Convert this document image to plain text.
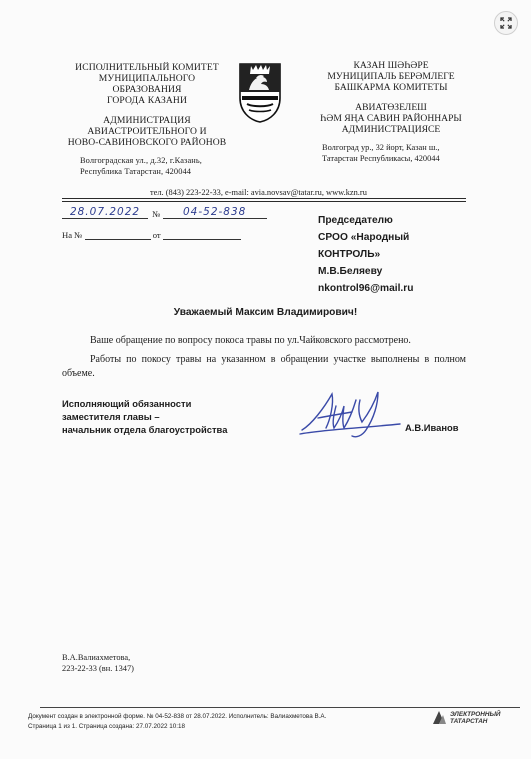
ИСПОЛНИТЕЛЬНЫЙ КОМИТЕТ
МУНИЦИПАЛЬНОГО
ОБРАЗОВАНИЯ
ГОРОДА КАЗАНИ
АДМИНИСТРАЦИЯ
АВИАСТРОИТЕЛЬНОГО И
НОВО-САВИНОВСКОГО РАЙОНОВ
Волгоградская ул., д.32, г.Казань,
Республика Татарстан, 420044
КАЗАН ШӘҺӘРЕ
МУНИЦИПАЛЬ БЕРӘМЛЕГЕ
БАШКАРМА КОМИТЕТЫ
АВИАТӨЗЕЛЕШ
ҺӘМ ЯҢА САВИН РАЙОННАРЫ
АДМИНИСТРАЦИЯСЕ
Волгоград ур., 32 йорт, Казан ш.,
Татарстан Республикасы, 420044
тел. (843) 223-22-33, e-mail: avia.novsav@tatar.ru, www.kzn.ru
28.07.2022 № 04-52-838
На №	от
Председателю
СРОО «Народный
КОНТРОЛЬ»
М.В.Беляеву
nkontrol96@mail.ru
Уважаемый Максим Владимирович!

Ваше обращение по вопросу покоса травы по ул.Чайковского рассмотрено.

Работы по покосу травы на указанном в обращении участке выполнены в полном объеме.

Исполняющий обязанности
заместителя главы –
начальник отдела благоустройства	А.В.Иванов
В.А.Валиахметова,
223-22-33 (вн. 1347)
Документ создан в электронной форме. № 04-52-838 от 28.07.2022. Исполнитель: Валиахметова В.А.
Страница 1 из 1. Страница создана: 27.07.2022 10:18
ЭЛЕКТРОННЫЙ
ТАТАРСТАН
